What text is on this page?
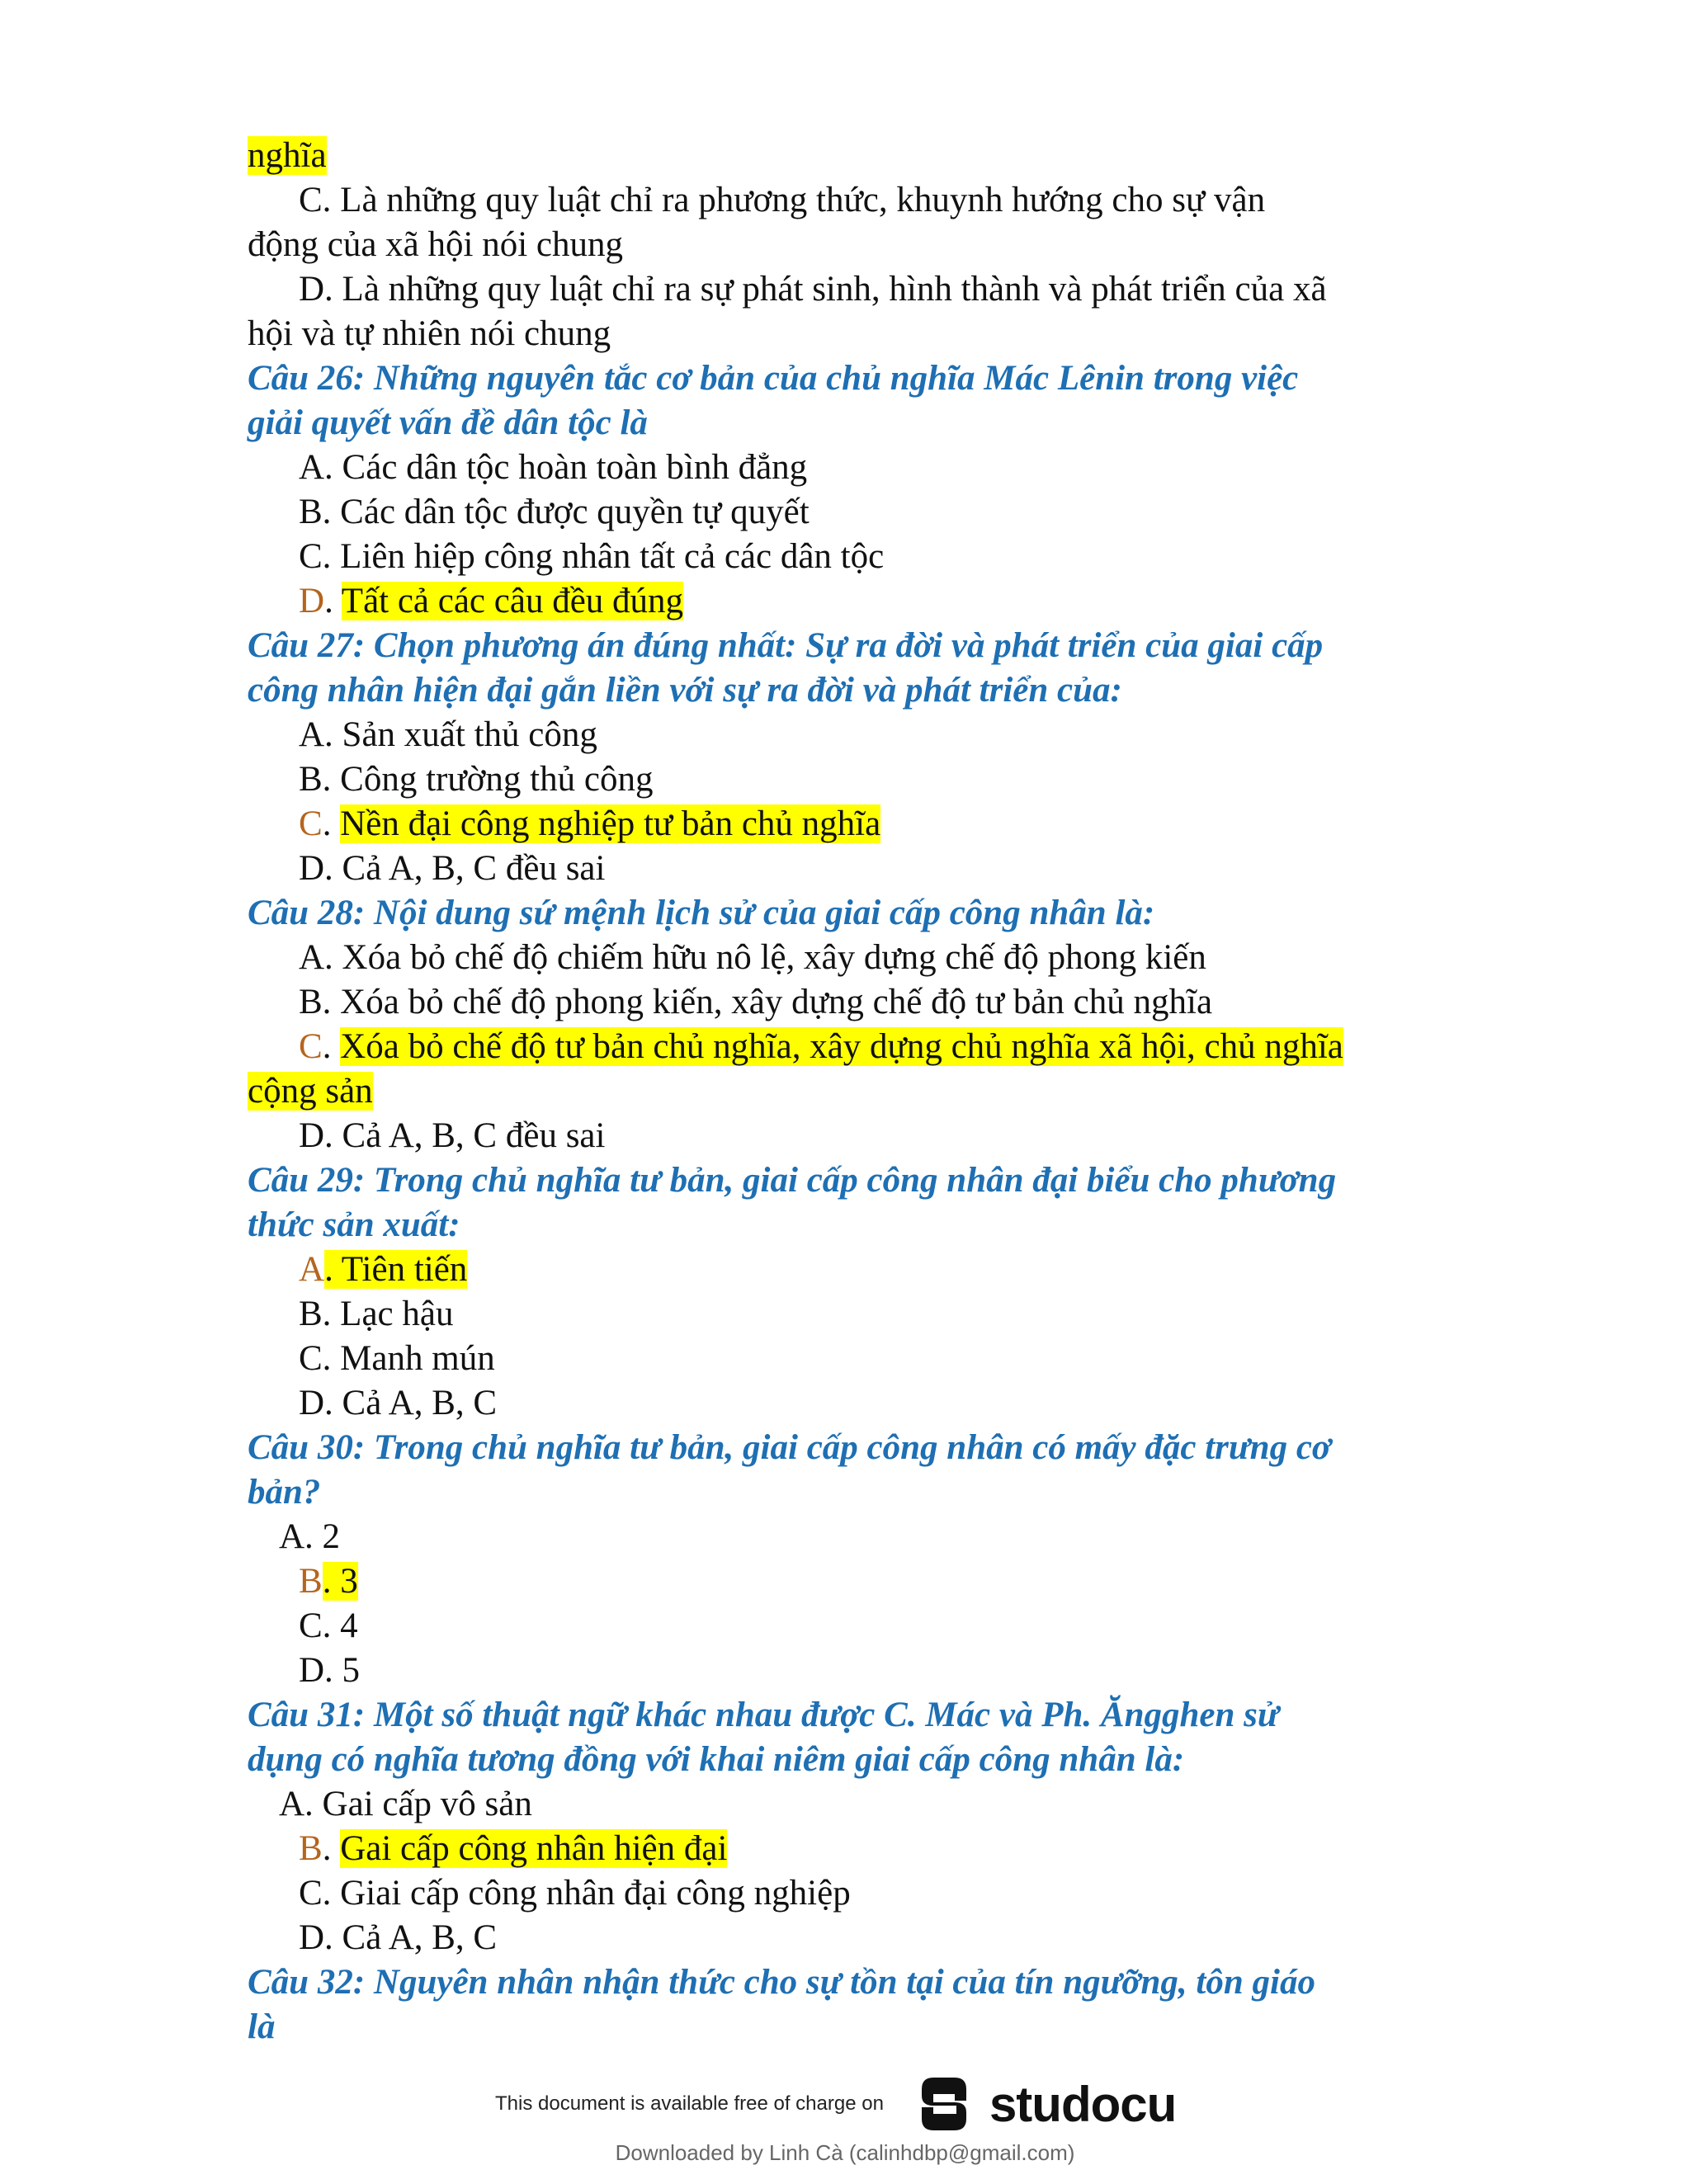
nghĩa
C. Là những quy luật chỉ ra phương thức, khuynh hướng cho sự vận
động của xã hội nói chung
D. Là những quy luật chỉ ra sự phát sinh, hình thành và phát triển của xã
hội và tự nhiên nói chung
Câu 26: Những nguyên tắc cơ bản của chủ nghĩa Mác Lênin trong việc
giải quyết vấn đề dân tộc là
A. Các dân tộc hoàn toàn bình đẳng
B. Các dân tộc được quyền tự quyết
C. Liên hiệp công nhân tất cả các dân tộc
D. Tất cả các câu đều đúng
Câu 27: Chọn phương án đúng nhất: Sự ra đời và phát triển của giai cấp
công nhân hiện đại gắn liền với sự ra đời và phát triển của:
A. Sản xuất thủ công
B. Công trường thủ công
C. Nền đại công nghiệp tư bản chủ nghĩa
D. Cả A, B, C đều sai
Câu 28: Nội dung sứ mệnh lịch sử của giai cấp công nhân là:
A. Xóa bỏ chế độ chiếm hữu nô lệ, xây dựng chế độ phong kiến
B. Xóa bỏ chế độ phong kiến, xây dựng chế độ tư bản chủ nghĩa
C. Xóa bỏ chế độ tư bản chủ nghĩa, xây dựng chủ nghĩa xã hội, chủ nghĩa
cộng sản
D. Cả A, B, C đều sai
Câu 29: Trong chủ nghĩa tư bản, giai cấp công nhân đại biểu cho phương
thức sản xuất:
A. Tiên tiến
B. Lạc hậu
C. Manh mún
D. Cả A, B, C
Câu 30: Trong chủ nghĩa tư bản, giai cấp công nhân có mấy đặc trưng cơ
bản?
A. 2
B. 3
C. 4
D. 5
Câu 31: Một số thuật ngữ khác nhau được C. Mác và Ph. Ăngghen sử
dụng có nghĩa tương đồng với khai niêm giai cấp công nhân là:
A. Gai cấp vô sản
B. Gai cấp công nhân hiện đại
C. Giai cấp công nhân đại công nghiệp
D. Cả A, B, C
Câu 32: Nguyên nhân nhận thức cho sự tồn tại của tín ngưỡng, tôn giáo
là
This document is available free of charge on studocu
Downloaded by Linh Cà (calinhdbp@gmail.com)
